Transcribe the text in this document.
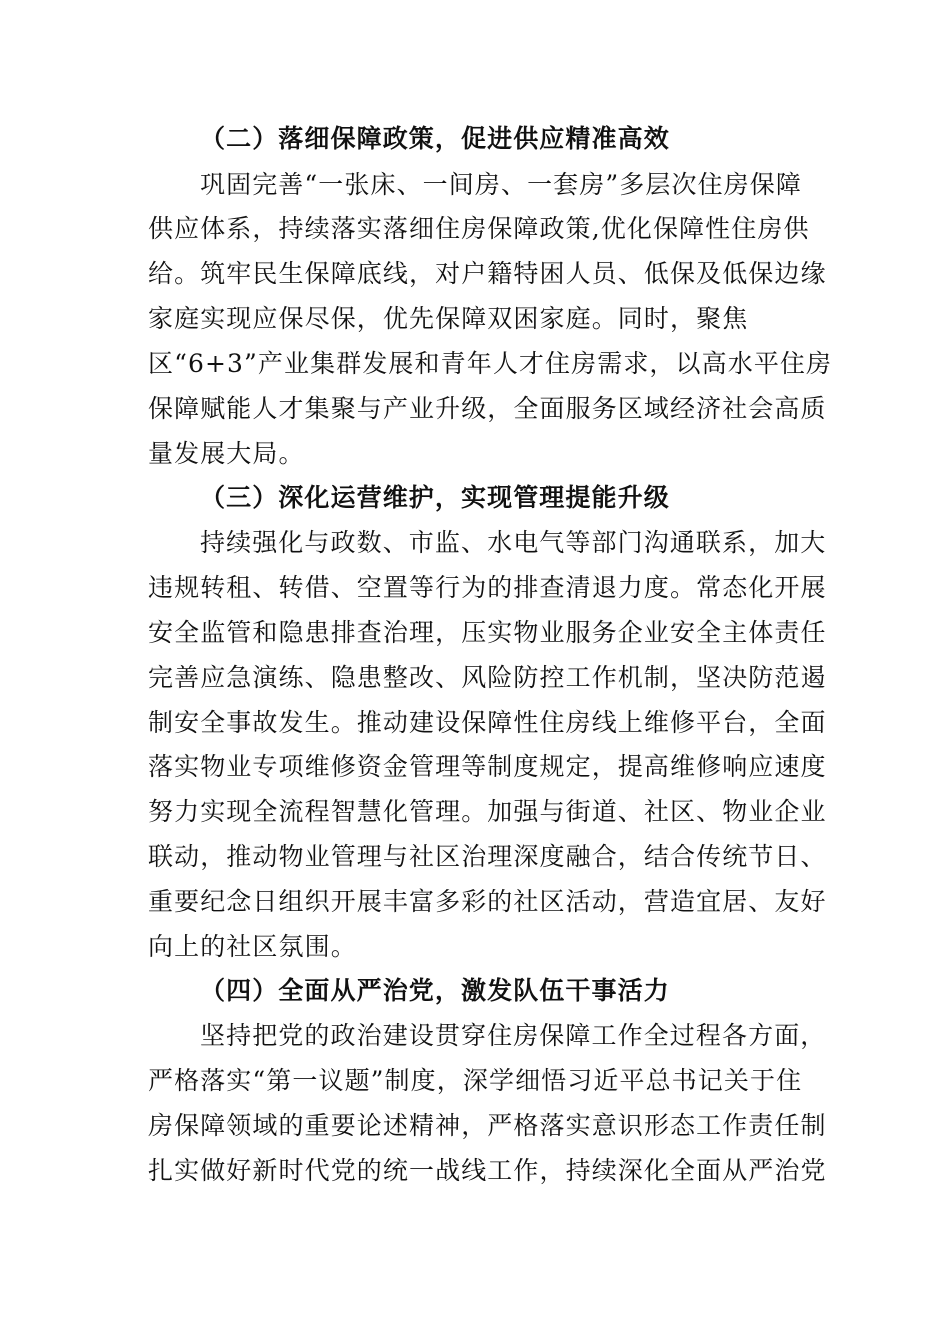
（二）落细保障政策，促进供应精准高效
巩固完善“一张床、一间房、一套房”多层次住房保障
供应体系，持续落实落细住房保障政策,优化保障性住房供
给。筑牢民生保障底线，对户籍特困人员、低保及低保边缘
家庭实现应保尽保，优先保障双困家庭。同时，聚焦
区“6+3”产业集群发展和青年人才住房需求，以高水平住房
保障赋能人才集聚与产业升级，全面服务区域经济社会高质
量发展大局。
（三）深化运营维护，实现管理提能升级
持续强化与政数、市监、水电气等部门沟通联系，加大
违规转租、转借、空置等行为的排查清退力度。常态化开展
安全监管和隐患排查治理，压实物业服务企业安全主体责任
完善应急演练、隐患整改、风险防控工作机制，坚决防范遏
制安全事故发生。推动建设保障性住房线上维修平台，全面
落实物业专项维修资金管理等制度规定，提高维修响应速度
努力实现全流程智慧化管理。加强与街道、社区、物业企业
联动，推动物业管理与社区治理深度融合，结合传统节日、
重要纪念日组织开展丰富多彩的社区活动，营造宜居、友好
向上的社区氛围。
（四）全面从严治党，激发队伍干事活力
坚持把党的政治建设贯穿住房保障工作全过程各方面，
严格落实“第一议题”制度，深学细悟习近平总书记关于住
房保障领域的重要论述精神，严格落实意识形态工作责任制
扎实做好新时代党的统一战线工作，持续深化全面从严治党
